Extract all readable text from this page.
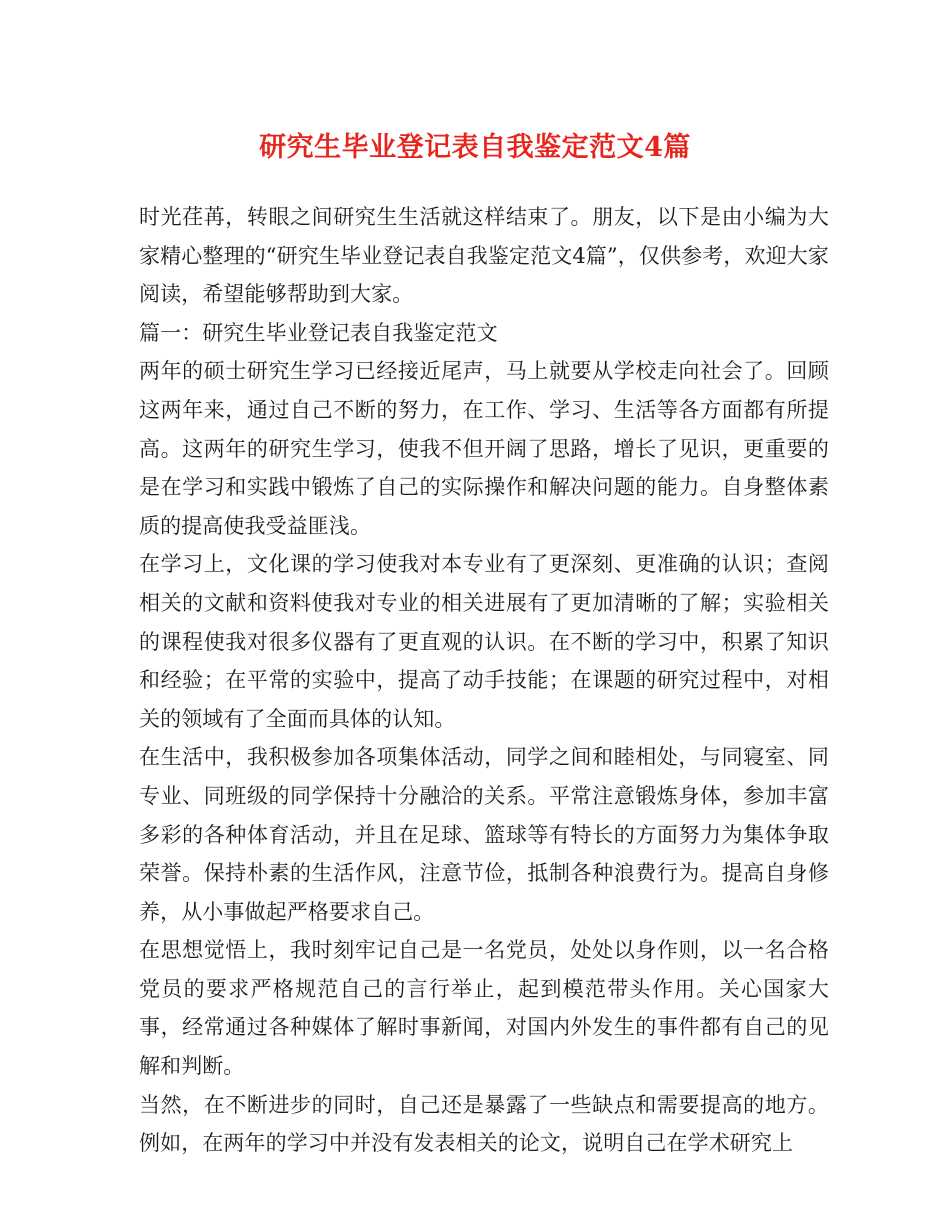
研究生毕业登记表自我鉴定范文4篇

时光荏苒，转眼之间研究生生活就这样结束了。朋友，以下是由小编为大家精心整理的“研究生毕业登记表自我鉴定范文4篇”，仅供参考，欢迎大家阅读，希望能够帮助到大家。

篇一：研究生毕业登记表自我鉴定范文

两年的硕士研究生学习已经接近尾声，马上就要从学校走向社会了。回顾这两年来，通过自己不断的努力，在工作、学习、生活等各方面都有所提高。这两年的研究生学习，使我不但开阔了思路，增长了见识，更重要的是在学习和实践中锻炼了自己的实际操作和解决问题的能力。自身整体素质的提高使我受益匪浅。

在学习上，文化课的学习使我对本专业有了更深刻、更准确的认识；查阅相关的文献和资料使我对专业的相关进展有了更加清晰的了解；实验相关的课程使我对很多仪器有了更直观的认识。在不断的学习中，积累了知识和经验；在平常的实验中，提高了动手技能；在课题的研究过程中，对相关的领域有了全面而具体的认知。

在生活中，我积极参加各项集体活动，同学之间和睦相处，与同寝室、同专业、同班级的同学保持十分融洽的关系。平常注意锻炼身体，参加丰富多彩的各种体育活动，并且在足球、篮球等有特长的方面努力为集体争取荣誉。保持朴素的生活作风，注意节俭，抵制各种浪费行为。提高自身修养，从小事做起严格要求自己。

在思想觉悟上，我时刻牢记自己是一名党员，处处以身作则，以一名合格党员的要求严格规范自己的言行举止，起到模范带头作用。关心国家大事，经常通过各种媒体了解时事新闻，对国内外发生的事件都有自己的见解和判断。

当然，在不断进步的同时，自己还是暴露了一些缺点和需要提高的地方。例如，在两年的学习中并没有发表相关的论文，说明自己在学术研究上
